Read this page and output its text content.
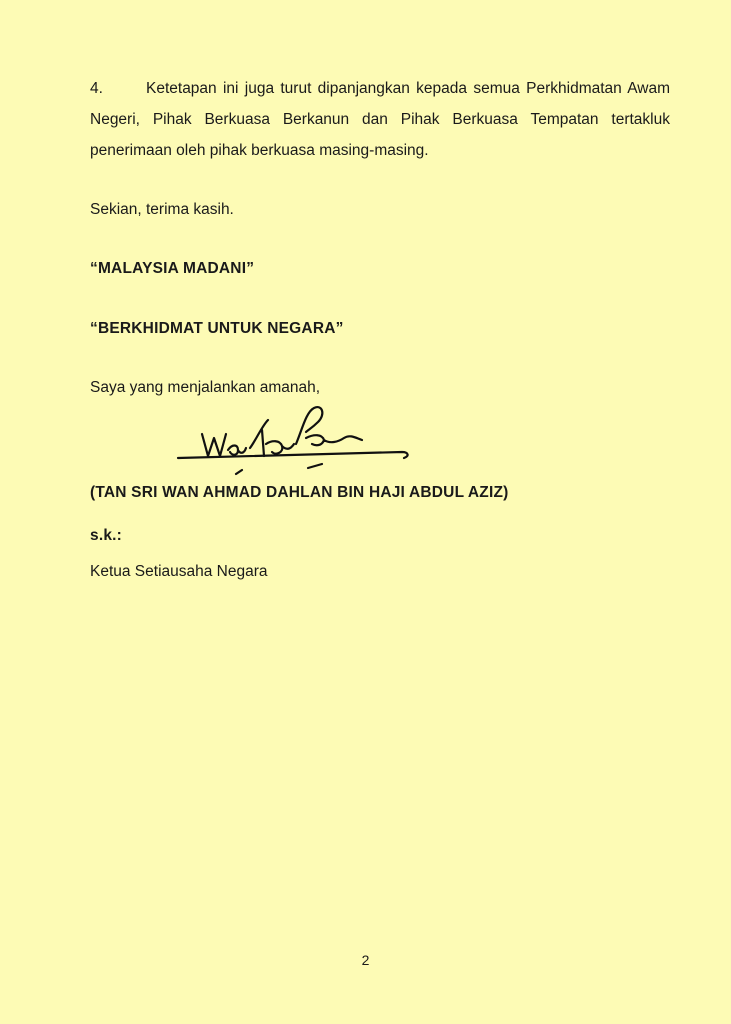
4.	Ketetapan ini juga turut dipanjangkan kepada semua Perkhidmatan Awam Negeri, Pihak Berkuasa Berkanun dan Pihak Berkuasa Tempatan tertakluk penerimaan oleh pihak berkuasa masing-masing.

Sekian, terima kasih.

“MALAYSIA MADANI”

“BERKHIDMAT UNTUK NEGARA”

Saya yang menjalankan amanah,

(TAN SRI WAN AHMAD DAHLAN BIN HAJI ABDUL AZIZ)

s.k.:

Ketua Setiausaha Negara

2
